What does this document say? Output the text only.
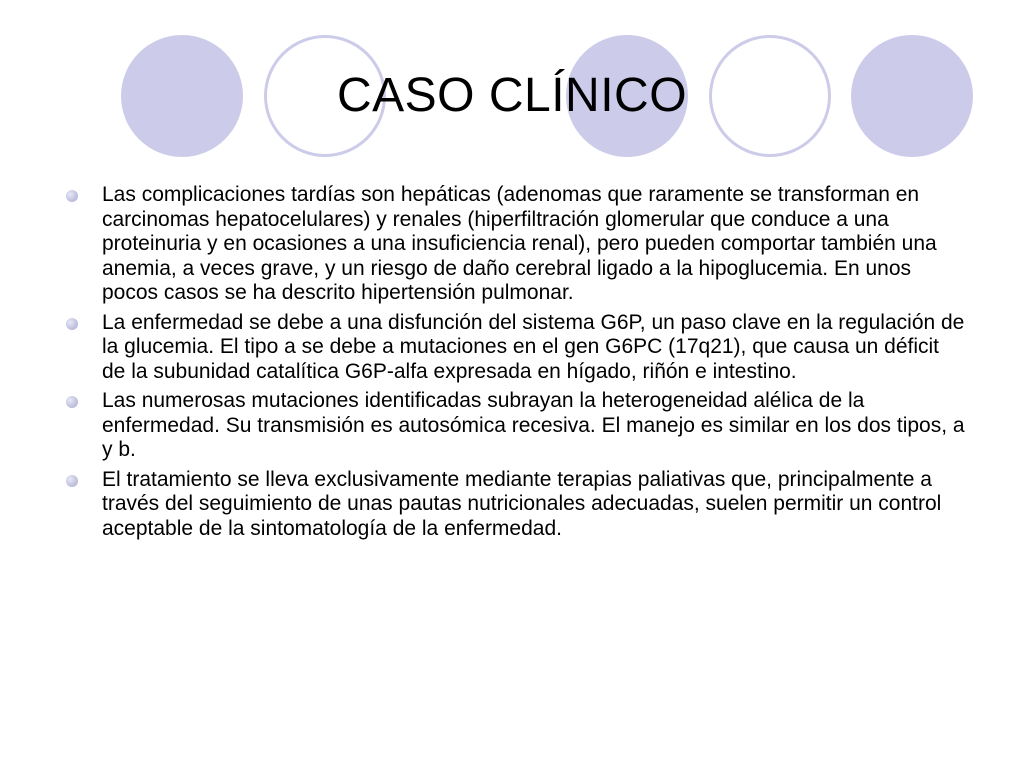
CASO CLÍNICO
Las complicaciones tardías son hepáticas (adenomas que raramente se transforman en carcinomas hepatocelulares) y renales (hiperfiltración glomerular que conduce a una proteinuria y en ocasiones a una insuficiencia renal), pero pueden comportar también una anemia, a veces grave, y un riesgo de daño cerebral ligado a la hipoglucemia. En unos pocos casos se ha descrito hipertensión pulmonar.
La enfermedad se debe a una disfunción del sistema G6P, un paso clave en la regulación de la glucemia. El tipo a se debe a mutaciones en el gen G6PC (17q21), que causa un déficit de la subunidad catalítica G6P-alfa expresada en hígado, riñón e intestino.
Las numerosas mutaciones identificadas subrayan la heterogeneidad alélica de la enfermedad. Su transmisión es autosómica recesiva. El manejo es similar en los dos tipos, a y b.
El tratamiento se lleva exclusivamente mediante terapias paliativas que, principalmente a través del seguimiento de unas pautas nutricionales adecuadas, suelen permitir un control aceptable de la sintomatología de la enfermedad.
